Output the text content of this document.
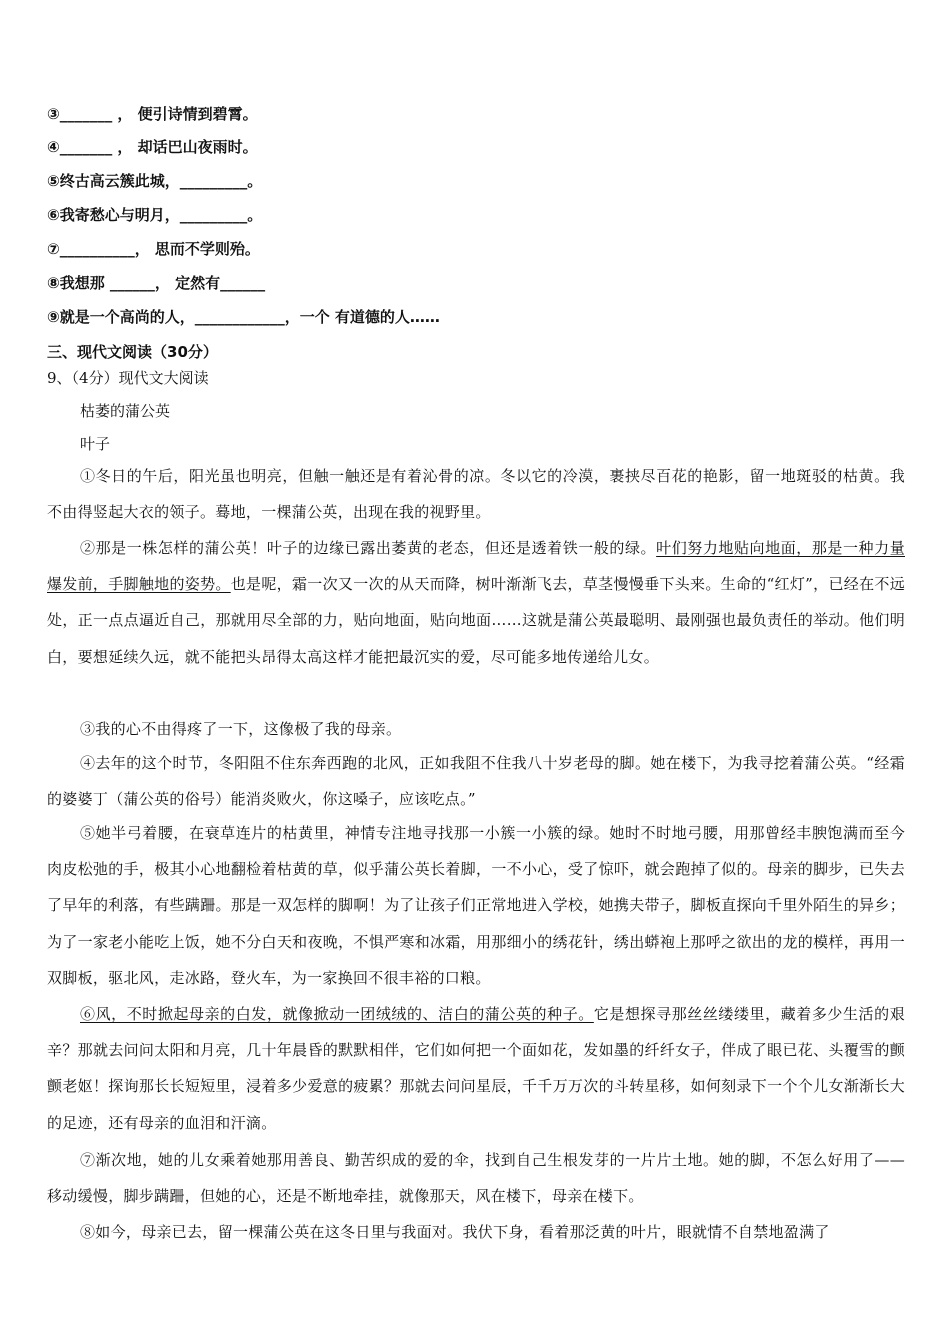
③_______ ， 便引诗情到碧霄。
④_______ ， 却话巴山夜雨时。
⑤终古高云簇此城，_________。
⑥我寄愁心与明月，_________。
⑦__________， 思而不学则殆。
⑧我想那 ______， 定然有______
⑨就是一个高尚的人，____________，一个 有道德的人……
三、现代文阅读（30分）
9、（4分）现代文大阅读
枯萎的蒲公英
叶子
①冬日的午后，阳光虽也明亮，但触一触还是有着沁骨的凉。冬以它的冷漠，裹挟尽百花的艳影，留一地斑驳的枯黄。我不由得竖起大衣的领子。蓦地，一棵蒲公英，出现在我的视野里。
②那是一株怎样的蒲公英！叶子的边缘已露出萎黄的老态，但还是透着铁一般的绿。叶们努力地贴向地面，那是一种力量爆发前，手脚触地的姿势。也是呢，霜一次又一次的从天而降，树叶渐渐飞去，草茎慢慢垂下头来。生命的“红灯”，已经在不远处，正一点点逼近自己，那就用尽全部的力，贴向地面，贴向地面……这就是蒲公英最聪明、最刚强也最负责任的举动。他们明白，要想延续久远，就不能把头昂得太高这样才能把最沉实的爱，尽可能多地传递给儿女。
③我的心不由得疼了一下，这像极了我的母亲。
④去年的这个时节，冬阳阻不住东奔西跑的北风，正如我阻不住我八十岁老母的脚。她在楼下，为我寻挖着蒲公英。“经霜的婆婆丁（蒲公英的俗号）能消炎败火，你这嗓子，应该吃点。”
⑤她半弓着腰，在衰草连片的枯黄里，神情专注地寻找那一小簇一小簇的绿。她时不时地弓腰，用那曾经丰腴饱满而至今肉皮松弛的手，极其小心地翻检着枯黄的草，似乎蒲公英长着脚，一不小心，受了惊吓，就会跑掉了似的。母亲的脚步，已失去了早年的利落，有些蹒跚。那是一双怎样的脚啊！为了让孩子们正常地进入学校，她携夫带子，脚板直探向千里外陌生的异乡；为了一家老小能吃上饭，她不分白天和夜晚，不惧严寒和冰霜，用那细小的绣花针，绣出蟒袍上那呼之欲出的龙的模样，再用一双脚板，驱北风，走冰路，登火车，为一家换回不很丰裕的口粮。
⑥风，不时掀起母亲的白发，就像掀动一团绒绒的、洁白的蒲公英的种子。它是想探寻那丝丝缕缕里，藏着多少生活的艰辛？那就去问问太阳和月亮，几十年晨昏的默默相伴，它们如何把一个面如花，发如墨的纤纤女子，伴成了眼已花、头覆雪的颤颤老妪！探询那长长短短里，浸着多少爱意的疲累？那就去问问星辰，千千万万次的斗转星移，如何刻录下一个个儿女渐渐长大的足迹，还有母亲的血泪和汗滴。
⑦渐次地，她的儿女乘着她那用善良、勤苦织成的爱的伞，找到自己生根发芽的一片片土地。她的脚，不怎么好用了——移动缓慢，脚步蹒跚，但她的心，还是不断地牵挂，就像那天，风在楼下，母亲在楼下。
⑧如今，母亲已去，留一棵蒲公英在这冬日里与我面对。我伏下身，看着那泛黄的叶片，眼就情不自禁地盈满了
